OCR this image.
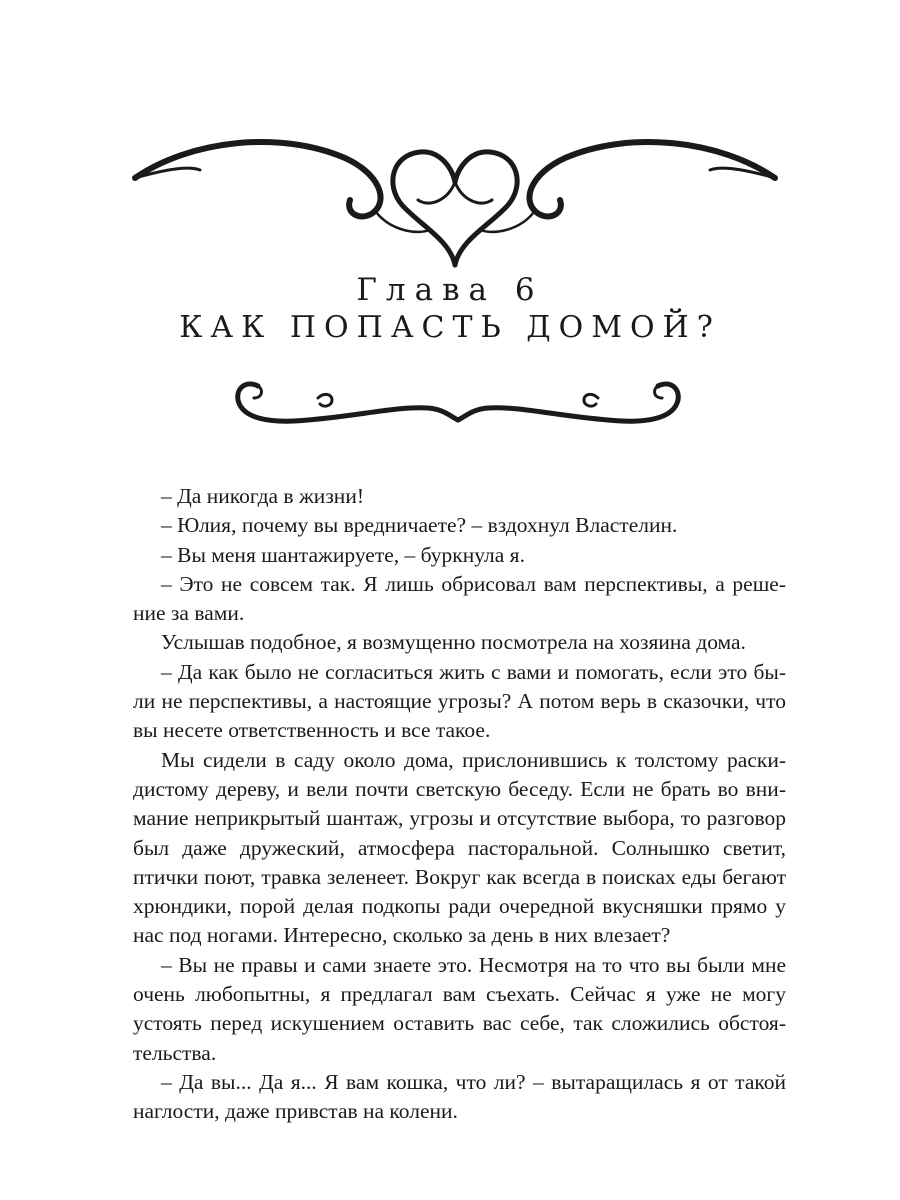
Глава 6
КАК ПОПАСТЬ ДОМОЙ?

– Да никогда в жизни!

– Юлия, почему вы вредничаете? – вздохнул Властелин.

– Вы меня шантажируете, – буркнула я.

– Это не совсем так. Я лишь обрисовал вам перспективы, а решение за вами.

Услышав подобное, я возмущенно посмотрела на хозяина дома.

– Да как было не согласиться жить с вами и помогать, если это были не перспективы, а настоящие угрозы? А потом верь в сказочки, что вы несете ответственность и все такое.

Мы сидели в саду около дома, прислонившись к толстому раскидистому дереву, и вели почти светскую беседу. Если не брать во внимание неприкрытый шантаж, угрозы и отсутствие выбора, то разговор был даже дружеский, атмосфера пасторальной. Солнышко светит, птички поют, травка зеленеет. Вокруг как всегда в поисках еды бегают хрюндики, порой делая подкопы ради очередной вкусняшки прямо у нас под ногами. Интересно, сколько за день в них влезает?

– Вы не правы и сами знаете это. Несмотря на то что вы были мне очень любопытны, я предлагал вам съехать. Сейчас я уже не могу устоять перед искушением оставить вас себе, так сложились обстоятельства.

– Да вы... Да я... Я вам кошка, что ли? – вытаращилась я от такой наглости, даже привстав на колени.
